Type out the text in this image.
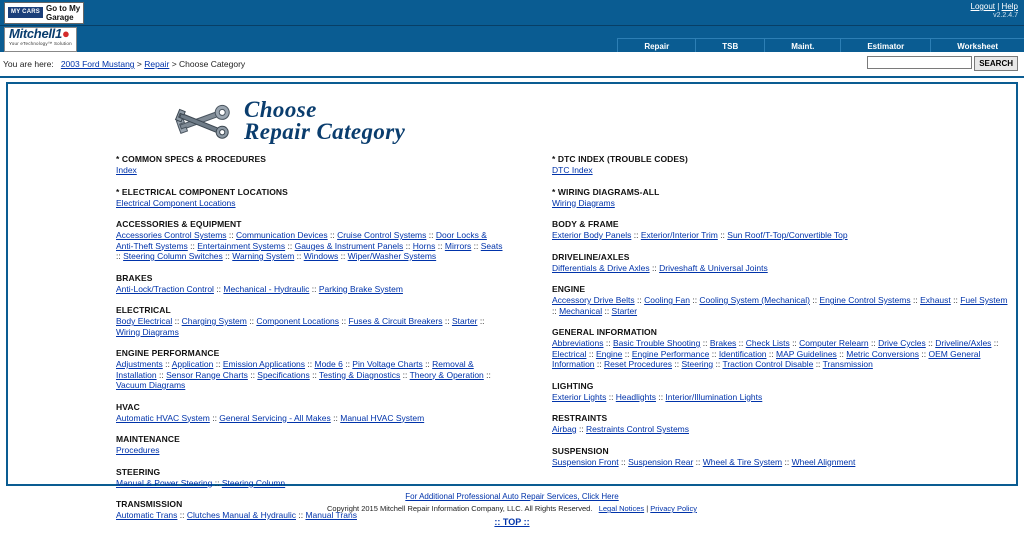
MY CARS Go to My
Garage
Logout | Help
v2.2.4.7
Mitchell1●
Your eTechnology™ Solution	Repair	TSB	Maint.	Estimator	Worksheet
You are here: 2003 Ford Mustang > Repair > Choose Category	SEARCH
Choose
Repair Category
* COMMON SPECS & PROCEDURES
Index
* ELECTRICAL COMPONENT LOCATIONS
Electrical Component Locations
ACCESSORIES & EQUIPMENT
Accessories Control Systems :: Communication Devices :: Cruise Control Systems :: Door Locks & Anti-Theft Systems :: Entertainment Systems :: Gauges & Instrument Panels :: Horns :: Mirrors :: Seats :: Steering Column Switches :: Warning System :: Windows :: Wiper/Washer Systems
BRAKES
Anti-Lock/Traction Control :: Mechanical - Hydraulic :: Parking Brake System
ELECTRICAL
Body Electrical :: Charging System :: Component Locations :: Fuses & Circuit Breakers :: Starter :: Wiring Diagrams
ENGINE PERFORMANCE
Adjustments :: Application :: Emission Applications :: Mode 6 :: Pin Voltage Charts :: Removal & Installation :: Sensor Range Charts :: Specifications :: Testing & Diagnostics :: Theory & Operation :: Vacuum Diagrams
HVAC
Automatic HVAC System :: General Servicing - All Makes :: Manual HVAC System
MAINTENANCE
Procedures
STEERING
Manual & Power Steering :: Steering Column
TRANSMISSION
Automatic Trans :: Clutches Manual & Hydraulic :: Manual Trans
* DTC INDEX (TROUBLE CODES)
DTC Index
* WIRING DIAGRAMS-ALL
Wiring Diagrams
BODY & FRAME
Exterior Body Panels :: Exterior/Interior Trim :: Sun Roof/T-Top/Convertible Top
DRIVELINE/AXLES
Differentials & Drive Axles :: Driveshaft & Universal Joints
ENGINE
Accessory Drive Belts :: Cooling Fan :: Cooling System (Mechanical) :: Engine Control Systems :: Exhaust :: Fuel System :: Mechanical :: Starter
GENERAL INFORMATION
Abbreviations :: Basic Trouble Shooting :: Brakes :: Check Lists :: Computer Relearn :: Drive Cycles :: Driveline/Axles :: Electrical :: Engine :: Engine Performance :: Identification :: MAP Guidelines :: Metric Conversions :: OEM General Information :: Reset Procedures :: Steering :: Traction Control Disable :: Transmission
LIGHTING
Exterior Lights :: Headlights :: Interior/Illumination Lights
RESTRAINTS
Airbag :: Restraints Control Systems
SUSPENSION
Suspension Front :: Suspension Rear :: Wheel & Tire System :: Wheel Alignment
For Additional Professional Auto Repair Services, Click Here
Copyright 2015 Mitchell Repair Information Company, LLC. All Rights Reserved. Legal Notices | Privacy Policy
:: TOP ::
